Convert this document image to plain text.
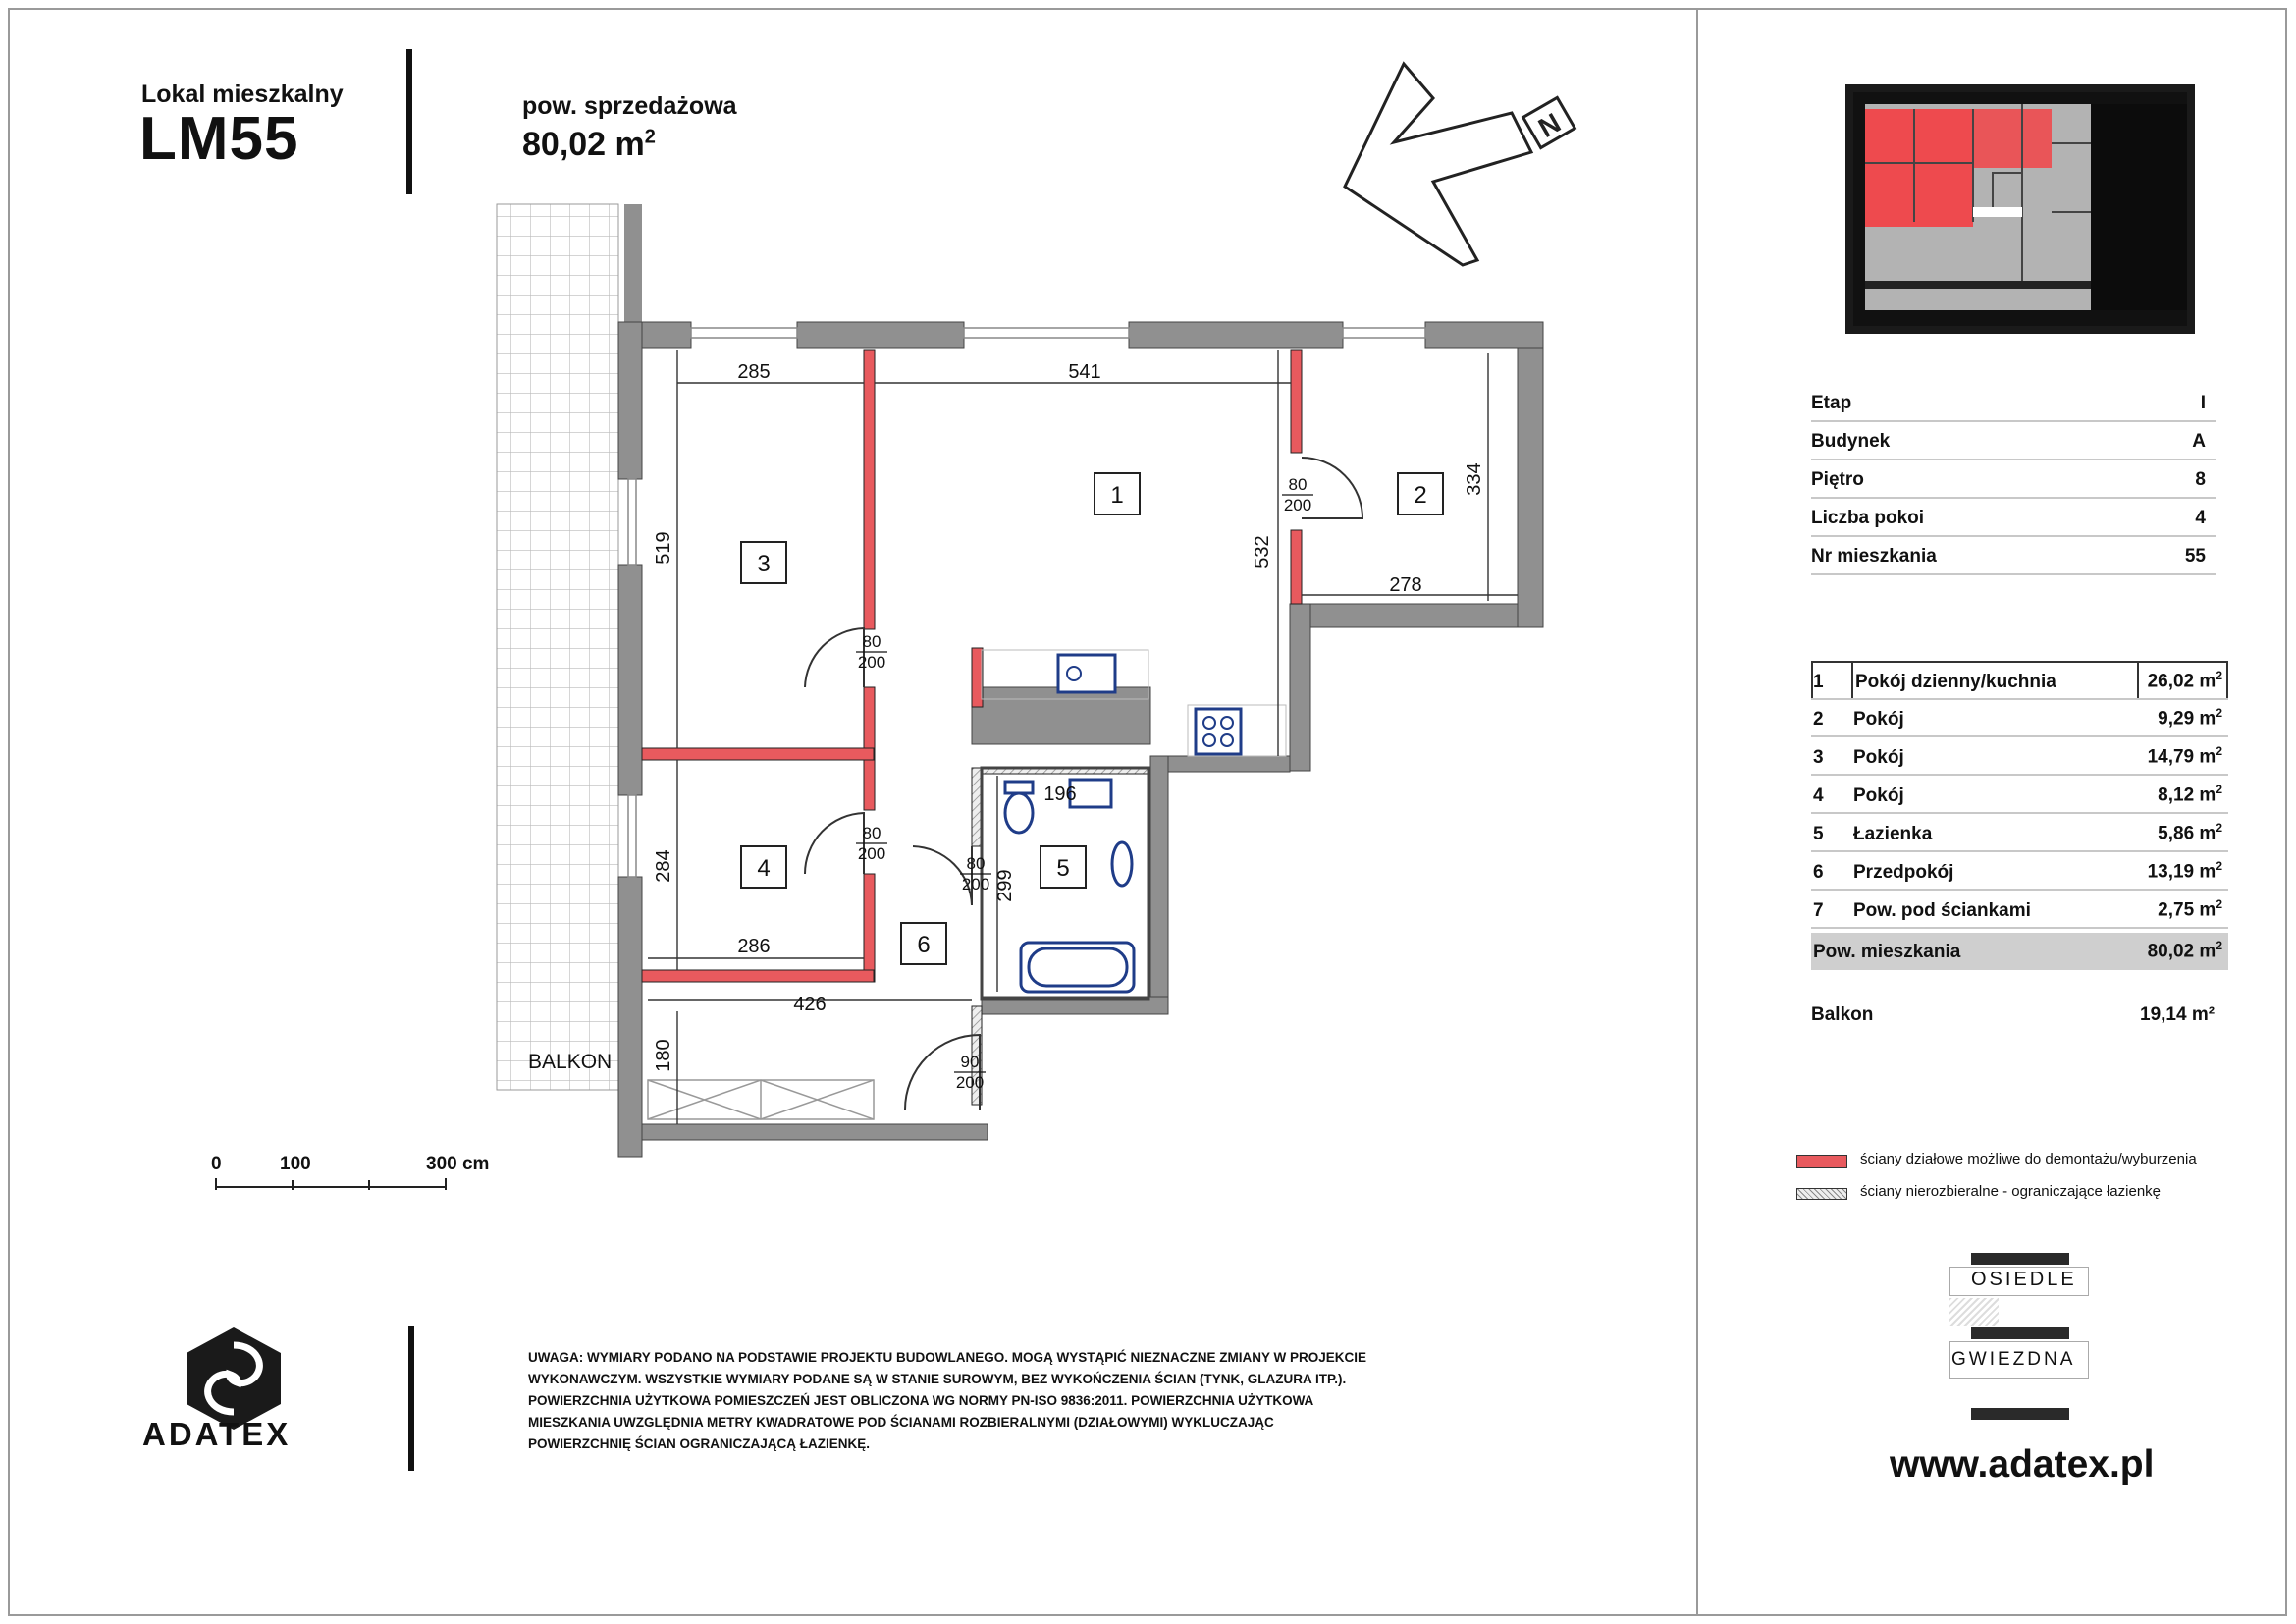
Lokal mieszkalny
LM55	pow. sprzedażowa
80,02 $m^2$	N
1	2
3
4	5
6
285	541
334
278
532
519
284
286
426
180
196
299
80
200
80
200
80
200
80
200
90
200
BALKON
0	100	300 cm
ADATEX
UWAGA: WYMIARY PODANO NA PODSTAWIE PROJEKTU BUDOWLANEGO. MOGĄ WYSTĄPIĆ NIEZNACZNE ZMIANY W PROJEKCIE
WYKONAWCZYM. WSZYSTKIE WYMIARY PODANE SĄ W STANIE SUROWYM, BEZ WYKOŃCZENIA ŚCIAN (TYNK, GLAZURA ITP.).
POWIERZCHNIA UŻYTKOWA POMIESZCZEŃ JEST OBLICZONA WG NORMY PN-ISO 9836:2011. POWIERZCHNIA UŻYTKOWA
MIESZKANIA UWZGLĘDNIA METRY KWADRATOWE POD ŚCIANAMI ROZBIERALNYMI (DZIAŁOWYMI) WYKLUCZAJĄC
POWIERZCHNIĘ ŚCIAN OGRANICZAJĄCĄ ŁAZIENKĘ.
Etap	I
Budynek	A
Piętro	8
Liczba pokoi	4
Nr mieszkania	55
1 Pokój dzienny/kuchnia	26,02 $m^2$
2 Pokój	9,29 $m^2$
3 Pokój	14,79 $m^2$
4 Pokój	8,12 $m^2$
5 Łazienka	5,86 $m^2$
6 Przedpokój	13,19 $m^2$
7 Pow. pod ściankami	2,75 $m^2$
Pow. mieszkania	80,02 $m^2$
Balkon	19,14 m²
ściany działowe możliwe do demontażu/wyburzenia
ściany nierozbieralne - ograniczające łazienkę
OSIEDLE
GWIEZDNA
www.adatex.pl
